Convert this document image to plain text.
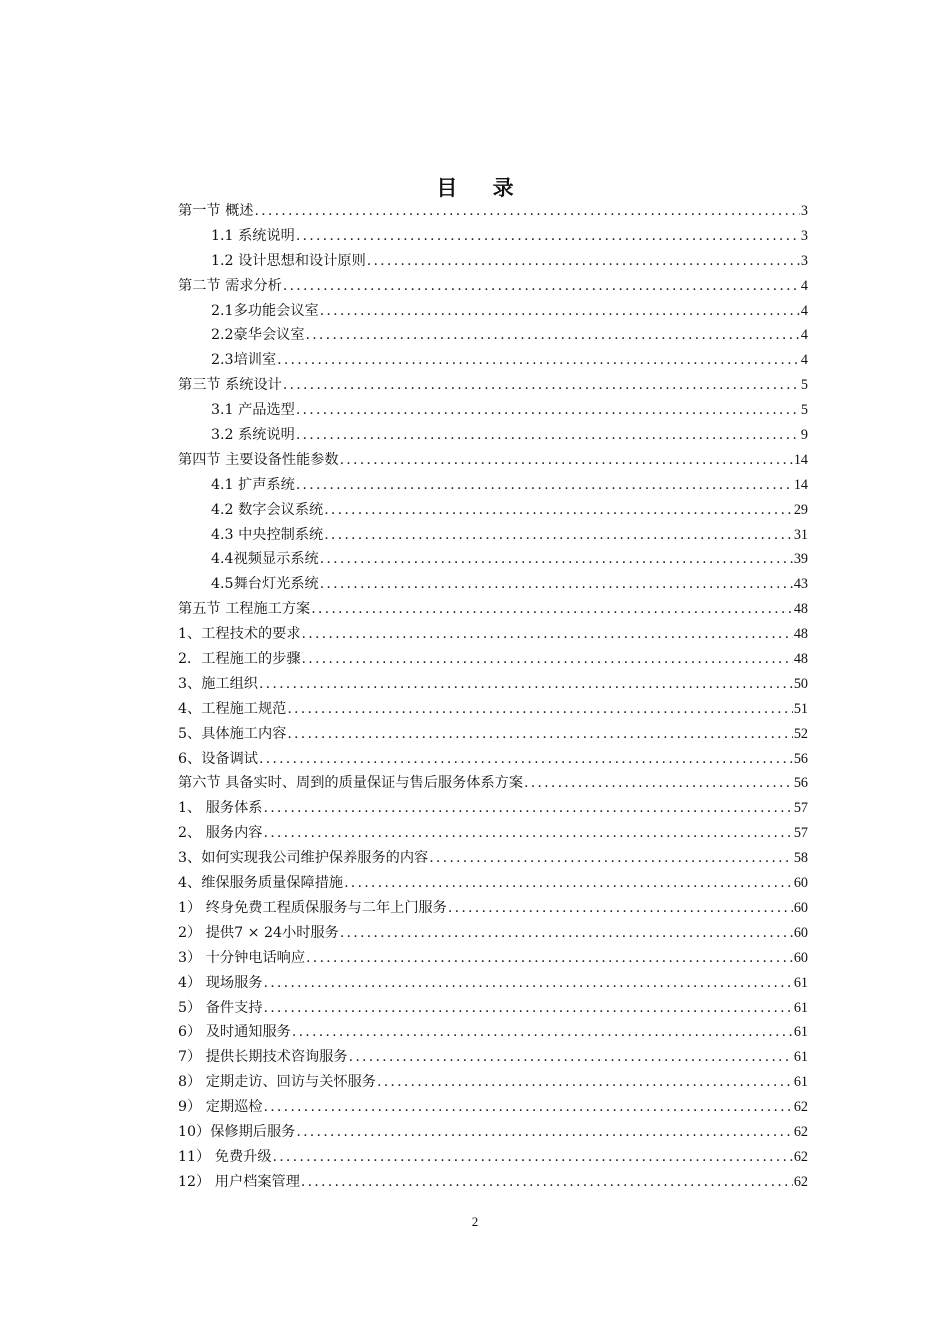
目 录
第一节 概述 .....	3
1.1 系统说明 .....	3
1.2 设计思想和设计原则 .....	3
第二节 需求分析 .....	4
2.1多功能会议室 .....	4
2.2豪华会议室 .....	4
2.3培训室 .....	4
第三节 系统设计 .....	5
3.1 产品选型 .....	5
3.2 系统说明 .....	9
第四节 主要设备性能参数 .....	14
4.1 扩声系统 .....	14
4.2 数字会议系统 .....	29
4.3 中央控制系统 .....	31
4.4视频显示系统 .....	39
4.5舞台灯光系统 .....	43
第五节 工程施工方案 .....	48
1、工程技术的要求 .....	48
2．工程施工的步骤 .....	48
3、施工组织 .....	50
4、工程施工规范 .....	51
5、具体施工内容 .....	52
6、设备调试 .....	56
第六节 具备实时、周到的质量保证与售后服务体系方案 .....	56
1、 服务体系 .....	57
2、 服务内容 .....	57
3、如何实现我公司维护保养服务的内容 .....	58
4、维保服务质量保障措施 .....	60
1） 终身免费工程质保服务与二年上门服务 .....	60
2） 提供7 × 24小时服务 .....	60
3） 十分钟电话响应 .....	60
4） 现场服务 .....	61
5） 备件支持 .....	61
6） 及时通知服务 .....	61
7） 提供长期技术咨询服务 .....	61
8） 定期走访、回访与关怀服务 .....	61
9） 定期巡检 .....	62
10）保修期后服务 .....	62
11） 免费升级 .....	62
12） 用户档案管理 .....	62
2
